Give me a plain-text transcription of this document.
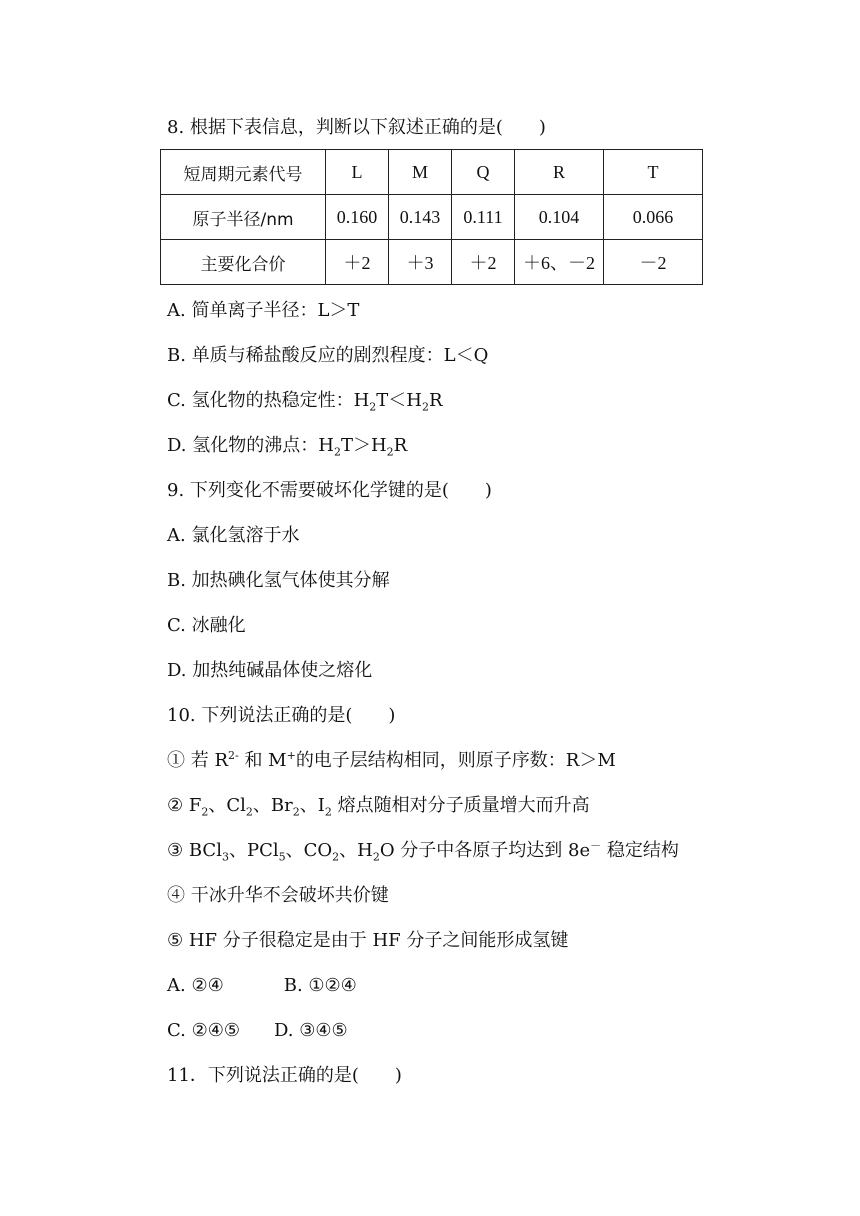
8. 根据下表信息，判断以下叙述正确的是(　　)
短周期元素代号	L	M	Q	R	T
原子半径/nm	0.160	0.143	0.111	0.104	0.066
主要化合价	＋2	＋3	＋2	＋6、－2	－2
A. 简单离子半径：L＞T
B. 单质与稀盐酸反应的剧烈程度：L＜Q
C. 氢化物的热稳定性：$H_2T<H_2R$
D. 氢化物的沸点：$H_2T>H_2R$
9. 下列变化不需要破坏化学键的是(　　)
A. 氯化氢溶于水
B. 加热碘化氢气体使其分解
C. 冰融化
D. 加热纯碱晶体使之熔化
10. 下列说法正确的是(　　)
① 若 $R^{2-}$ 和 M+的电子层结构相同，则原子序数：R＞M
② $F_2$、$Cl_2$、$Br_2$、$I_2$ 熔点随相对分子质量增大而升高
③ BCl$_3$、PCl$_5$、$CO_2$、$H_2O$ 分子中各原子均达到 8e－ 稳定结构
④ 干冰升华不会破坏共价键
⑤ HF 分子很稳定是由于 HF 分子之间能形成氢键
A. ②④	B. ①②④
C. ②④⑤ D. ③④⑤
11．下列说法正确的是(　　)
